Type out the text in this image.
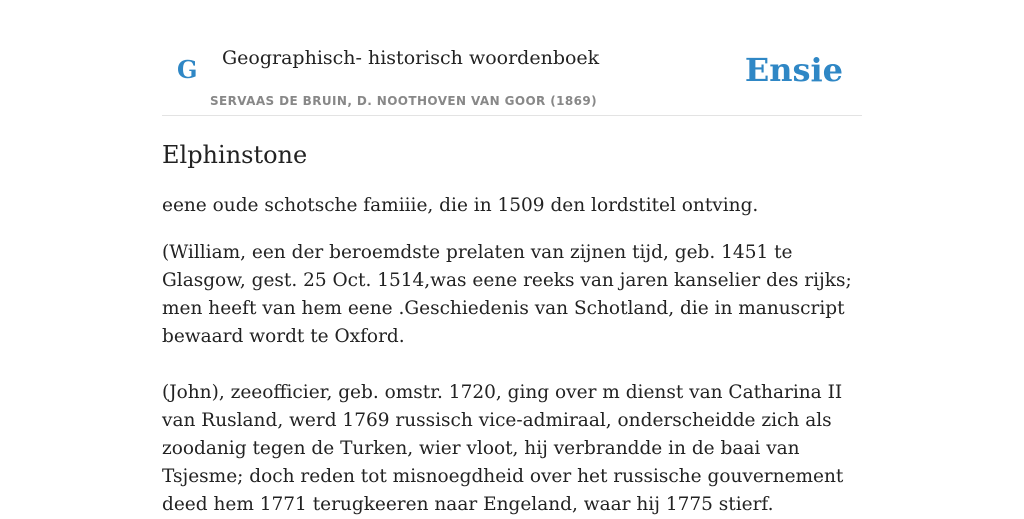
G Geographisch- historisch woordenboek
SERVAAS DE BRUIN, D. NOOTHOVEN VAN GOOR (1869)
Ensie
Elphinstone

eene oude schotsche famiiie, die in 1509 den lordstitel ontving.

(William, een der beroemdste prelaten van zijnen tijd, geb. 1451 te Glasgow, gest. 25 Oct. 1514,was eene reeks van jaren kanselier des rijks; men heeft van hem eene .Geschiedenis van Schotland, die in manuscript bewaard wordt te Oxford.

(John), zeeofficier, geb. omstr. 1720, ging over m dienst van Catharina II van Rusland, werd 1769 russisch vice-admiraal, onderscheidde zich als zoodanig tegen de Turken, wier vloot, hij verbrandde in de baai van Tsjesme; doch reden tot misnoegdheid over het russische gouvernement deed hem 1771 terugkeeren naar Engeland, waar hij 1775 stierf.
